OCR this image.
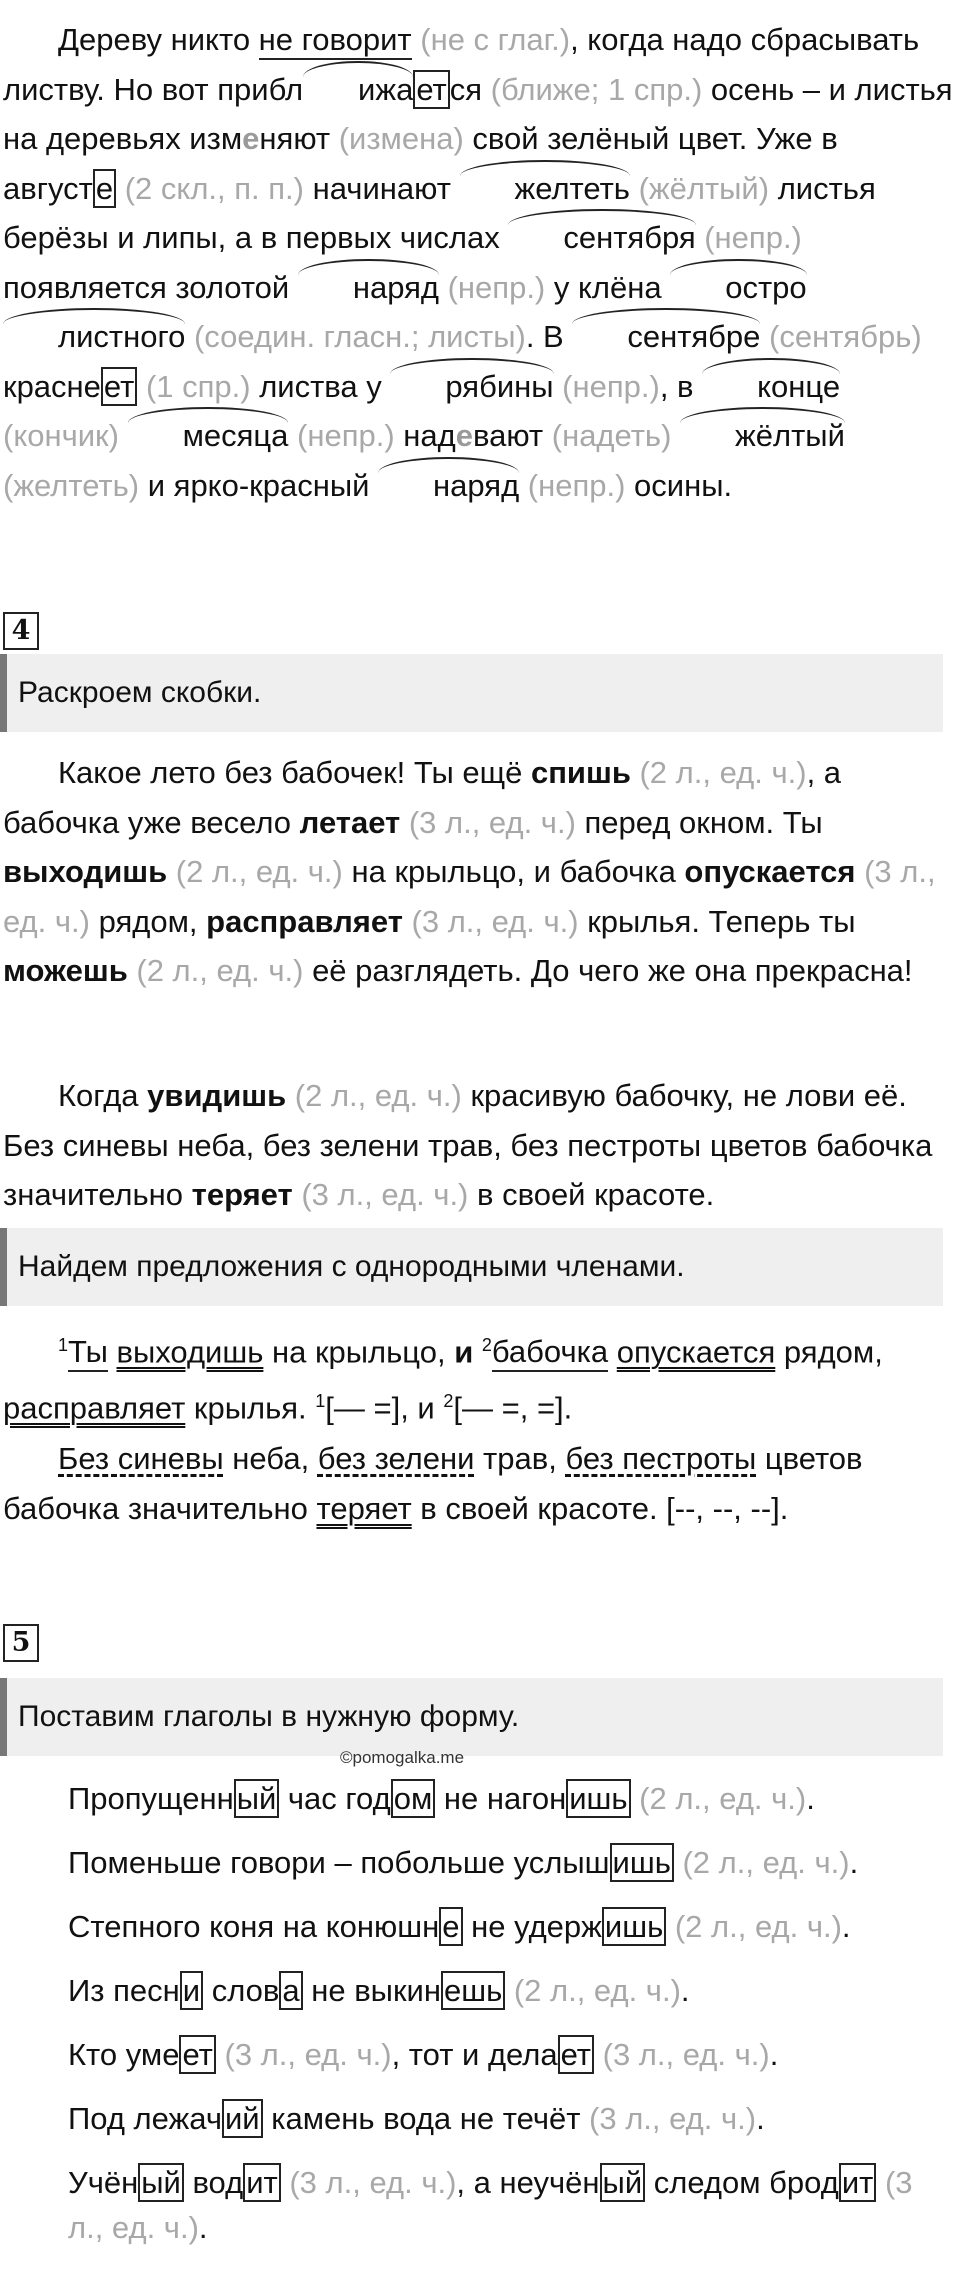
Дереву никто не говорит (не с глаг.), когда надо сбрасывать листву. Но вот прибл ижается (ближе; 1 спр.) осень – и листья на деревьях изменяют (измена) свой зелёный цвет. Уже в августе (2 скл., п. п.) начинают желтеть (жёлтый) листья берёзы и липы, а в первых числах сентября (непр.) появляется золотой наряд (непр.) у клёна остролистного (соедин. гласн.; листы). В сентябре (сентябрь) краснеет (1 спр.) листва у рябины (непр.), в конце (кончик) месяца (непр.) надевают (надеть) жёлтый (желтеть) и ярко-красный наряд (непр.) осины.

4
Раскроем скобки.

Какое лето без бабочек! Ты ещё спишь (2 л., ед. ч.), а бабочка уже весело летает (3 л., ед. ч.) перед окном. Ты выходишь (2 л., ед. ч.) на крыльцо, и бабочка опускается (3 л., ед. ч.) рядом, расправляет (3 л., ед. ч.) крылья. Теперь ты можешь (2 л., ед. ч.) её разглядеть. До чего же она прекрасна!

Когда увидишь (2 л., ед. ч.) красивую бабочку, не лови её. Без синевы неба, без зелени трав, без пестроты цветов бабочка значительно теряет (3 л., ед. ч.) в своей красоте.

Найдем предложения с однородными членами.

$^1$Ты выходишь на крыльцо, и $^2$бабочка опускается рядом, расправляет крылья. $^1$[— =], и $^2$[— =, =].

Без синевы неба, без зелени трав, без пестроты цветов бабочка значительно теряет в своей красоте. [--, --, --].

5
Поставим глаголы в нужную форму.
©pomogalka.me

Пропущенный час годом не нагонишь (2 л., ед. ч.).

Поменьше говори – побольше услышишь (2 л., ед. ч.).

Степного коня на конюшне не удержишь (2 л., ед. ч.).

Из песни слова не выкинешь (2 л., ед. ч.).

Кто умеет (3 л., ед. ч.), тот и делает (3 л., ед. ч.).

Под лежачий камень вода не течёт (3 л., ед. ч.).

Учёный водит (3 л., ед. ч.), а неучёный следом бродит (3 л., ед. ч.).
